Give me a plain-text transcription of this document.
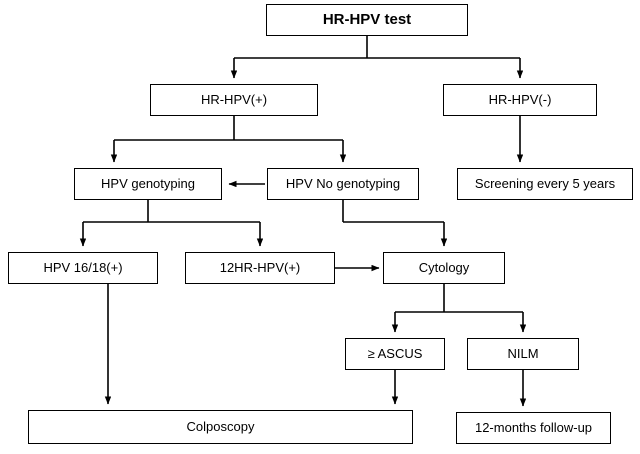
HR-HPV test
HR-HPV(+)	HR-HPV(-)
HPV genotyping	HPV No genotyping	Screening every 5 years
HPV 16/18(+)	12HR-HPV(+)	Cytology
≥ ASCUS	NILM
Colposcopy	12-months follow-up
